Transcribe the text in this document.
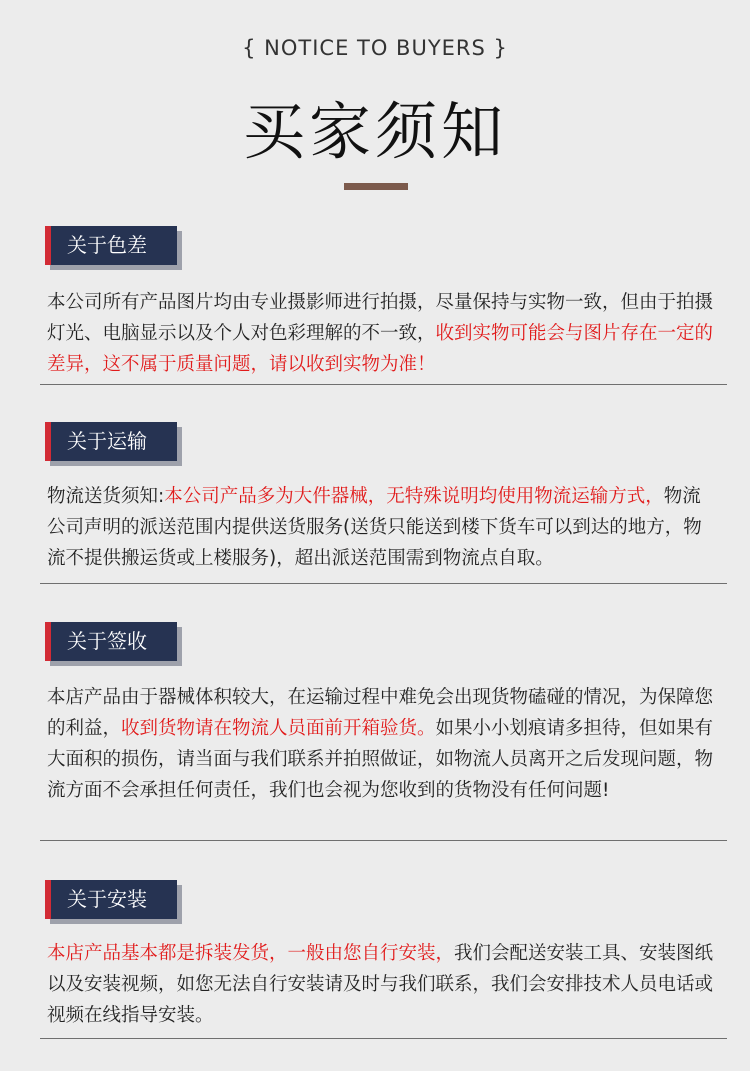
{ NOTICE TO BUYERS }
买家须知
关于色差
本公司所有产品图片均由专业摄影师进行拍摄，尽量保持与实物一致，但由于拍摄灯光、电脑显示以及个人对色彩理解的不一致，收到实物可能会与图片存在一定的差异，这不属于质量问题，请以收到实物为准！
关于运输
物流送货须知:本公司产品多为大件器械，无特殊说明均使用物流运输方式，物流公司声明的派送范围内提供送货服务(送货只能送到楼下货车可以到达的地方，物流不提供搬运货或上楼服务)，超出派送范围需到物流点自取。
关于签收
本店产品由于器械体积较大，在运输过程中难免会出现货物磕碰的情况，为保障您的利益，收到货物请在物流人员面前开箱验货。如果小小划痕请多担待，但如果有大面积的损伤，请当面与我们联系并拍照做证，如物流人员离开之后发现问题，物流方面不会承担任何责任，我们也会视为您收到的货物没有任何问题!
关于安装
本店产品基本都是拆装发货，一般由您自行安装，我们会配送安装工具、安装图纸以及安装视频，如您无法自行安装请及时与我们联系，我们会安排技术人员电话或视频在线指导安装。
